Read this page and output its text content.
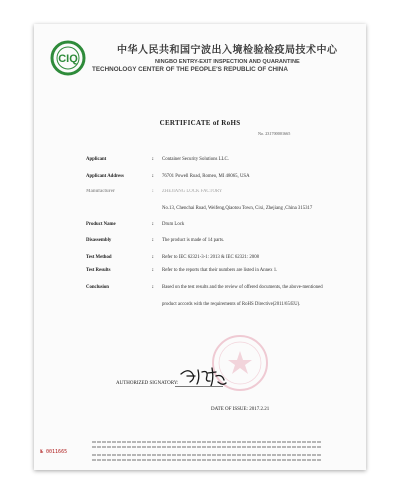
CIQ
中华人民共和国宁波出入境检验检疫局技术中心
NINGBO ENTRY-EXIT INSPECTION AND QUARANTINE
TECHNOLOGY CENTER OF THE PEOPLE'S REPUBLIC OF CHINA
CERTIFICATE of RoHS
No. 231700001665
Applicant	: Container Security Solutions LLC.
Applicant Address	: 76701 Powell Road, Romeo, MI 48065, USA
Manufacturer	: ZHEJIANG LOCK FACTORY
No.13, Chenchai Road, Weifeng,Qiaotou Town, Cixi, Zhejiang ,China 315317
Product Name	: Drum Lock
Disassembly	: The product is made of 14 parts.
Test Method	: Refer to IEC 62321-3-1: 2013 & IEC 62321: 2008
Test Results	: Refer to the reports that their numbers are listed in Annex 1.
Conclusion	: Based on the test results and the review of offered documents, the above-mentioned
product accords with the requirements of RoHS Directive(2011/65/EU).
AUTHORIZED SIGNATORY:
DATE OF ISSUE: 2017.2.21
№ 0011665
